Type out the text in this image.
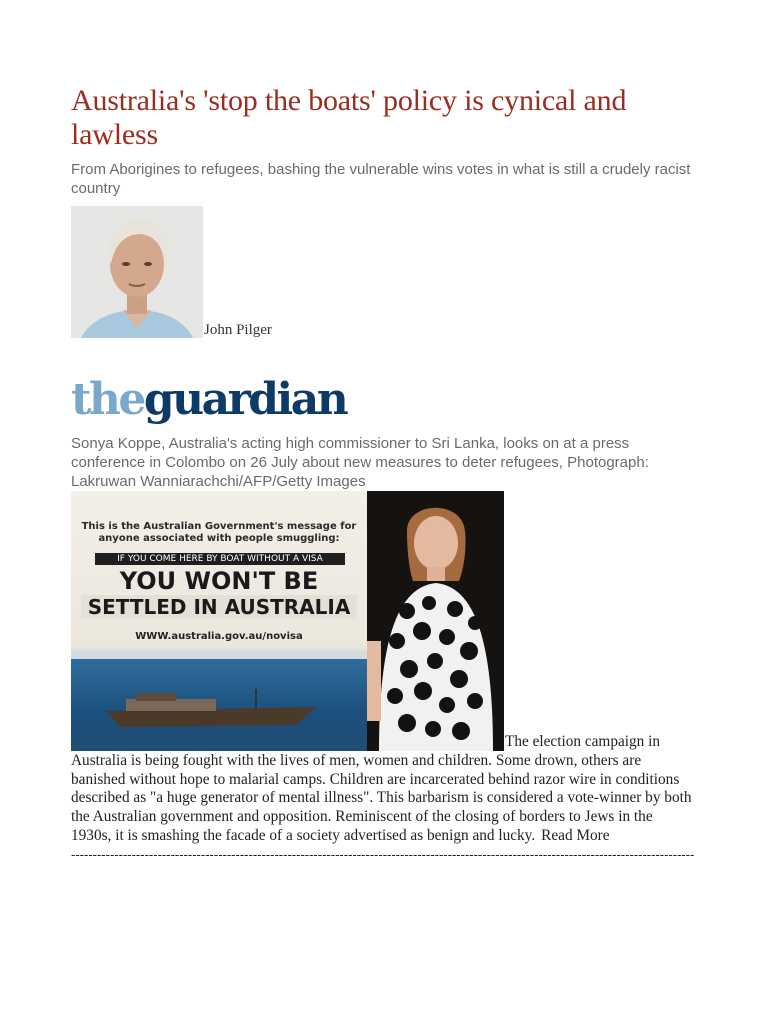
Australia's 'stop the boats' policy is cynical and lawless
From Aborigines to refugees, bashing the vulnerable wins votes in what is still a crudely racist country
John Pilger
theguardian
Sonya Koppe, Australia's acting high commissioner to Sri Lanka, looks on at a press conference in Colombo on 26 July about new measures to deter refugees, Photograph: Lakruwan Wanniarachchi/AFP/Getty Images
This is the Australian Government's message for anyone associated with people smuggling:
IF YOU COME HERE BY BOAT WITHOUT A VISA
YOU WON'T BE
SETTLED IN AUSTRALIA
WWW.australia.gov.au/novisa
The election campaign in Australia is being fought with the lives of men, women and children. Some drown, others are banished without hope to malarial camps. Children are incarcerated behind razor wire in conditions described as "a huge generator of mental illness". This barbarism is considered a vote-winner by both the Australian government and opposition. Reminiscent of the closing of borders to Jews in the 1930s, it is smashing the facade of a society advertised as benign and lucky. Read More
------------------------------------------------------------------------------------------------------------------------------------------------
